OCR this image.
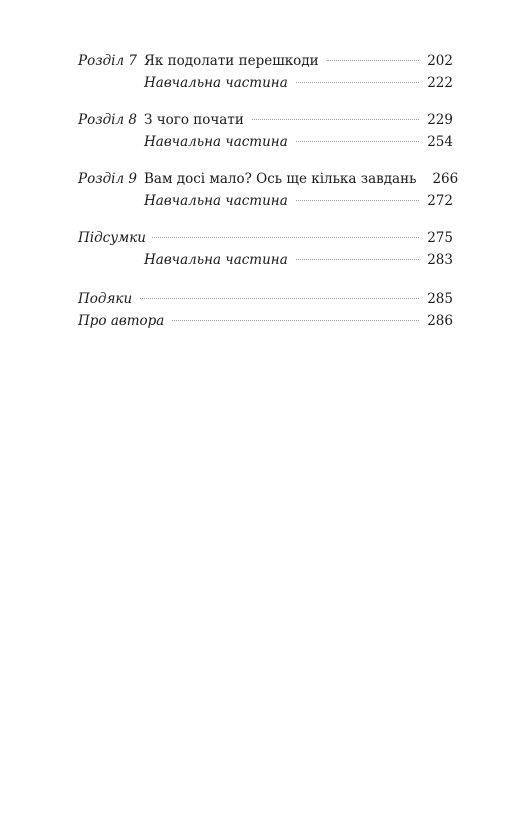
Розділ 7 Як подолати перешкоди	202
Навчальна частина	222
Розділ 8 З чого почати	229
Навчальна частина	254
Розділ 9 Вам досі мало? Ось ще кілька завдань 266
Навчальна частина	272
Підсумки	275
Навчальна частина	283
Подяки	285
Про автора	286
